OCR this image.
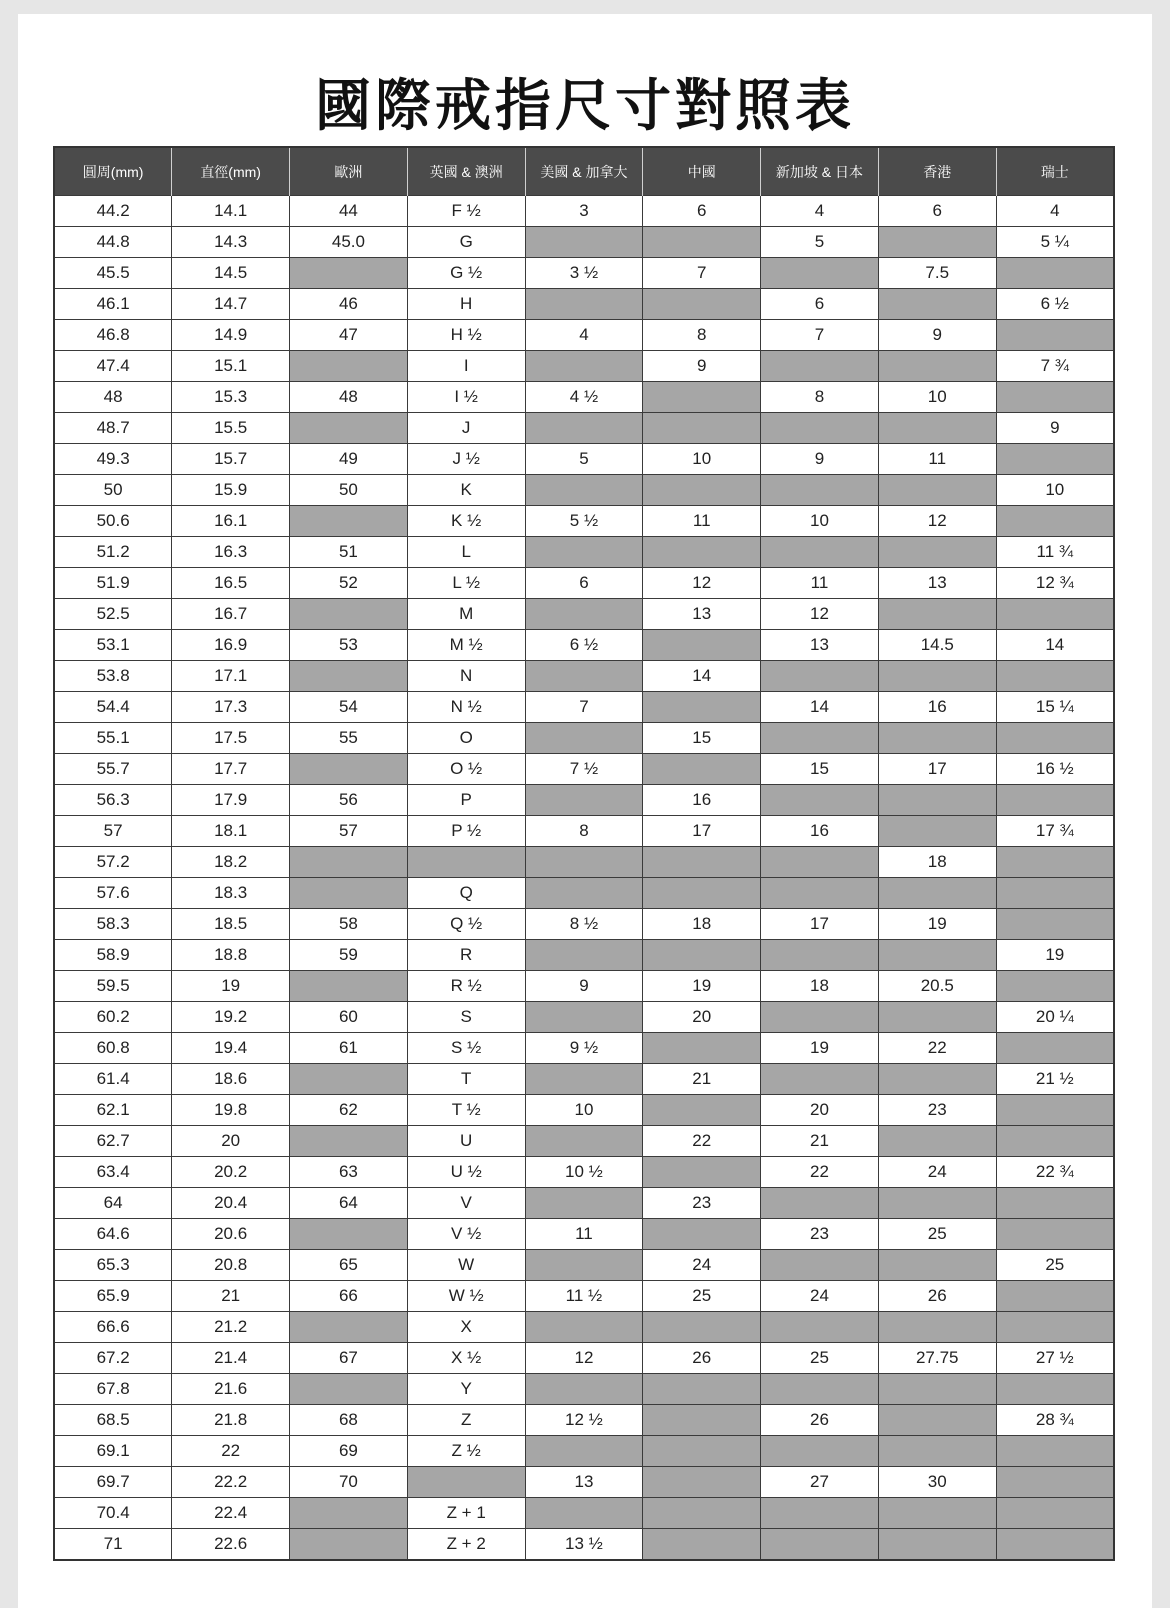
國際戒指尺寸對照表
圓周(mm)	直徑(mm)	歐洲	英國 & 澳洲	美國 & 加拿大	中國	新加坡 & 日本	香港	瑞士
44.2	14.1	44	F ½	3	6	4	6	4
44.8	14.3	45.0	G			5		5 ¼
45.5	14.5		G ½	3 ½	7		7.5	
46.1	14.7	46	H			6		6 ½
46.8	14.9	47	H ½	4	8	7	9	
47.4	15.1		I		9			7 ¾
48	15.3	48	I ½	4 ½		8	10	
48.7	15.5		J					9
49.3	15.7	49	J ½	5	10	9	11	
50	15.9	50	K					10
50.6	16.1		K ½	5 ½	11	10	12	
51.2	16.3	51	L					11 ¾
51.9	16.5	52	L ½	6	12	11	13	12 ¾
52.5	16.7		M		13	12		
53.1	16.9	53	M ½	6 ½		13	14.5	14
53.8	17.1		N		14			
54.4	17.3	54	N ½	7		14	16	15 ¼
55.1	17.5	55	O		15			
55.7	17.7		O ½	7 ½		15	17	16 ½
56.3	17.9	56	P		16			
57	18.1	57	P ½	8	17	16		17 ¾
57.2	18.2						18	
57.6	18.3		Q					
58.3	18.5	58	Q ½	8 ½	18	17	19	
58.9	18.8	59	R					19
59.5	19		R ½	9	19	18	20.5	
60.2	19.2	60	S		20			20 ¼
60.8	19.4	61	S ½	9 ½		19	22	
61.4	18.6		T		21			21 ½
62.1	19.8	62	T ½	10		20	23	
62.7	20		U		22	21		
63.4	20.2	63	U ½	10 ½		22	24	22 ¾
64	20.4	64	V		23			
64.6	20.6		V ½	11		23	25	
65.3	20.8	65	W		24			25
65.9	21	66	W ½	11 ½	25	24	26	
66.6	21.2		X					
67.2	21.4	67	X ½	12	26	25	27.75	27 ½
67.8	21.6		Y					
68.5	21.8	68	Z	12 ½		26		28 ¾
69.1	22	69	Z ½					
69.7	22.2	70		13		27	30	
70.4	22.4		Z + 1					
71	22.6		Z + 2	13 ½				
